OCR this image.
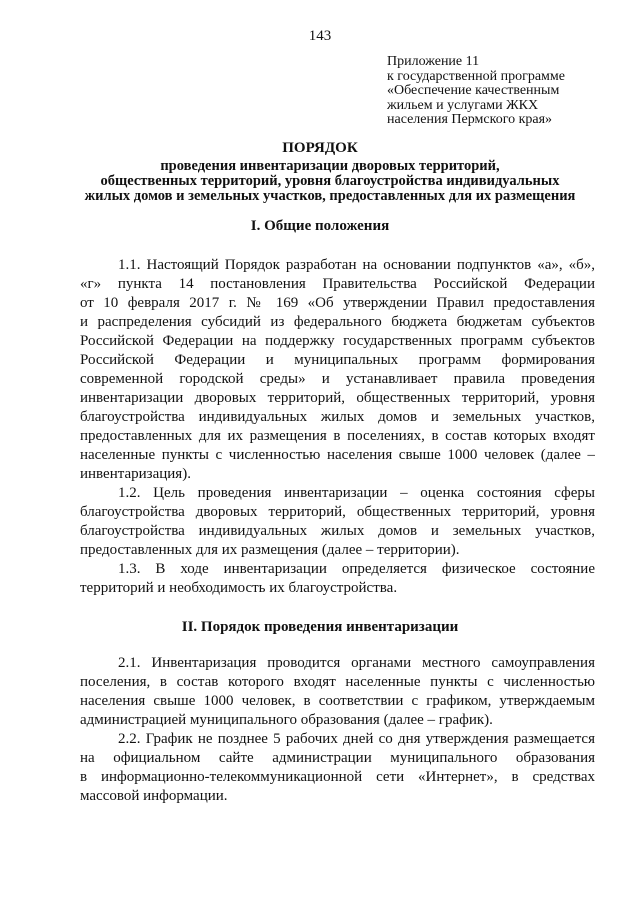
143
Приложение 11
к государственной программе
«Обеспечение качественным
жильем и услугами ЖКХ
населения Пермского края»
ПОРЯДОК
проведения инвентаризации дворовых территорий,
общественных территорий, уровня благоустройства индивидуальных
жилых домов и земельных участков, предоставленных для их размещения
I. Общие положения
1.1. Настоящий Порядок разработан на основании подпунктов «а», «б»,
«г» пункта 14 постановления Правительства Российской Федерации
от 10 февраля 2017 г. № 169 «Об утверждении Правил предоставления
и распределения субсидий из федерального бюджета бюджетам субъектов
Российской Федерации на поддержку государственных программ субъектов
Российской Федерации и муниципальных программ формирования
современной городской среды» и устанавливает правила проведения
инвентаризации дворовых территорий, общественных территорий, уровня
благоустройства индивидуальных жилых домов и земельных участков,
предоставленных для их размещения в поселениях, в состав которых входят
населенные пункты с численностью населения свыше 1000 человек (далее –
инвентаризация).
1.2. Цель проведения инвентаризации – оценка состояния сферы
благоустройства дворовых территорий, общественных территорий, уровня
благоустройства индивидуальных жилых домов и земельных участков,
предоставленных для их размещения (далее – территории).
1.3. В ходе инвентаризации определяется физическое состояние
территорий и необходимость их благоустройства.
II. Порядок проведения инвентаризации
2.1. Инвентаризация проводится органами местного самоуправления
поселения, в состав которого входят населенные пункты с численностью
населения свыше 1000 человек, в соответствии с графиком, утверждаемым
администрацией муниципального образования (далее – график).
2.2. График не позднее 5 рабочих дней со дня утверждения размещается
на официальном сайте администрации муниципального образования
в информационно-телекоммуникационной сети «Интернет», в средствах
массовой информации.
